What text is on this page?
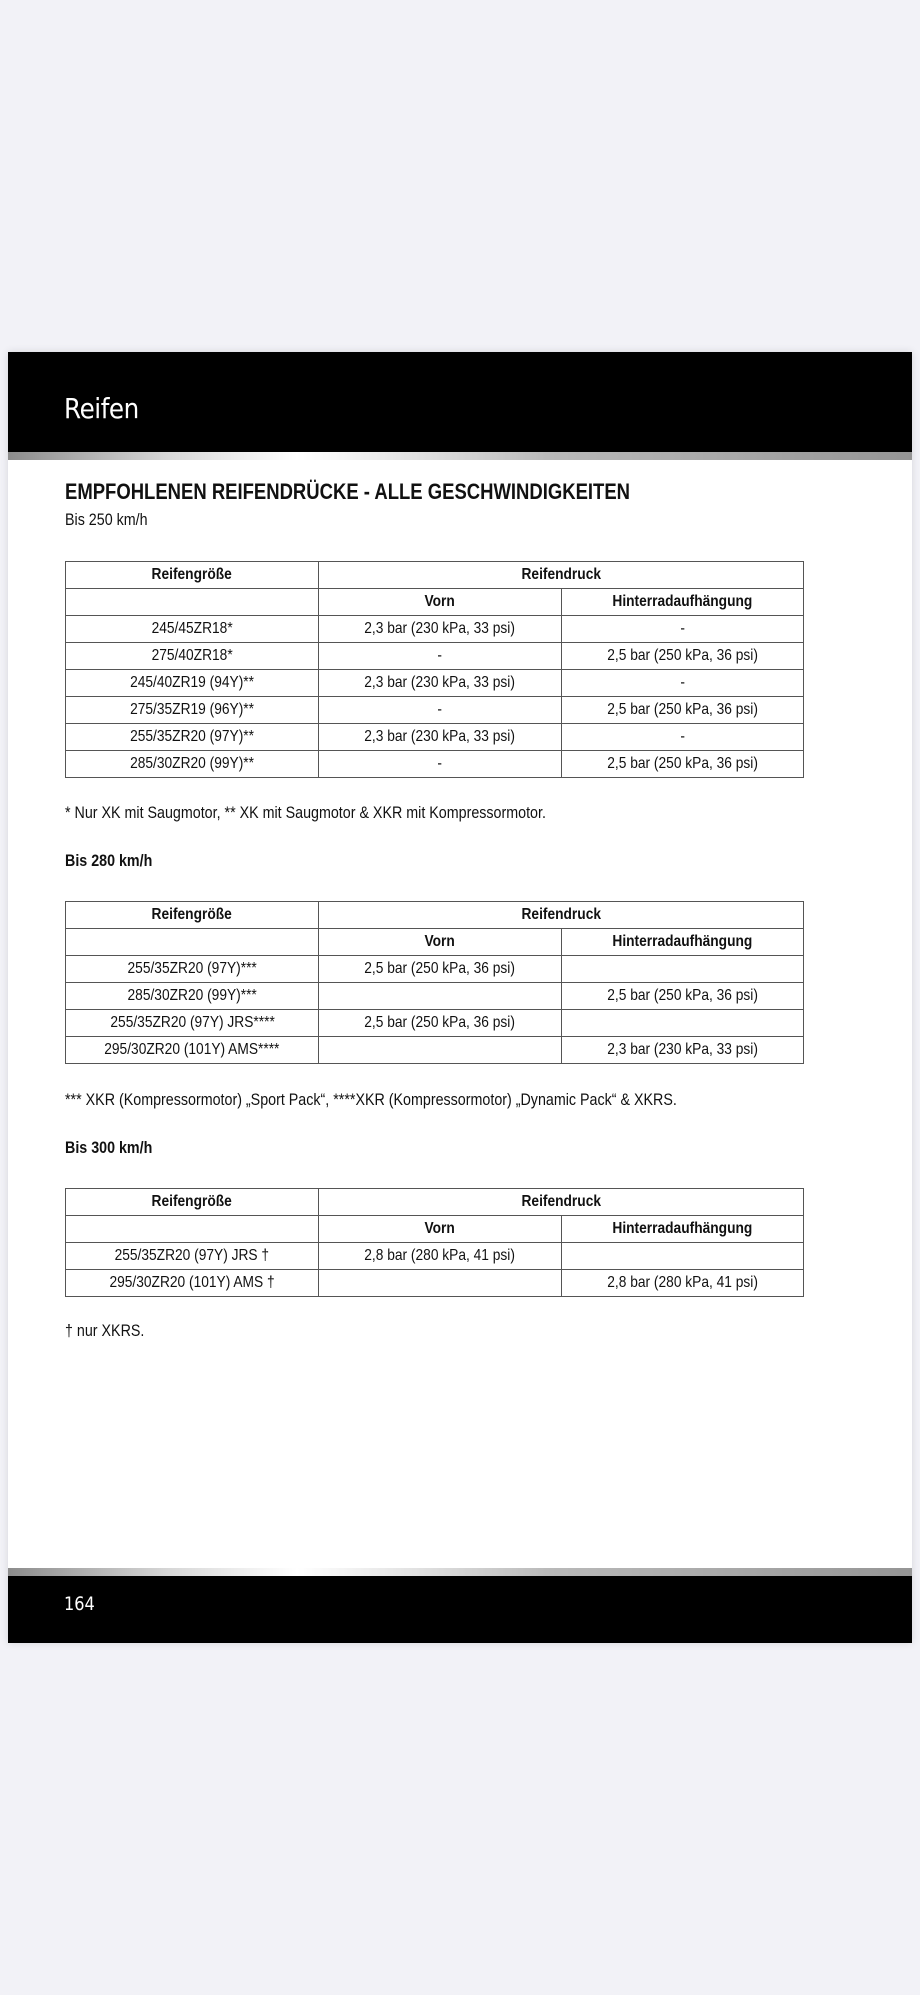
Reifen
EMPFOHLENEN REIFENDRÜCKE - ALLE GESCHWINDIGKEITEN
Bis 250 km/h
Reifengröße	Reifendruck	
	Vorn	Hinterradaufhängung
245/45ZR18*	2,3 bar (230 kPa, 33 psi)	-
275/40ZR18*	-	2,5 bar (250 kPa, 36 psi)
245/40ZR19 (94Y)**	2,3 bar (230 kPa, 33 psi)	-
275/35ZR19 (96Y)**	-	2,5 bar (250 kPa, 36 psi)
255/35ZR20 (97Y)**	2,3 bar (230 kPa, 33 psi)	-
285/30ZR20 (99Y)**	-	2,5 bar (250 kPa, 36 psi)
* Nur XK mit Saugmotor, ** XK mit Saugmotor & XKR mit Kompressormotor.
Bis 280 km/h
Reifengröße	Reifendruck	
	Vorn	Hinterradaufhängung
255/35ZR20 (97Y)***	2,5 bar (250 kPa, 36 psi)	
285/30ZR20 (99Y)***		2,5 bar (250 kPa, 36 psi)
255/35ZR20 (97Y) JRS****	2,5 bar (250 kPa, 36 psi)	
295/30ZR20 (101Y) AMS****		2,3 bar (230 kPa, 33 psi)
*** XKR (Kompressormotor) „Sport Pack“, ****XKR (Kompressormotor) „Dynamic Pack“ & XKRS.
Bis 300 km/h
Reifengröße	Reifendruck	
	Vorn	Hinterradaufhängung
255/35ZR20 (97Y) JRS †	2,8 bar (280 kPa, 41 psi)	
295/30ZR20 (101Y) AMS †		2,8 bar (280 kPa, 41 psi)
† nur XKRS.
164
